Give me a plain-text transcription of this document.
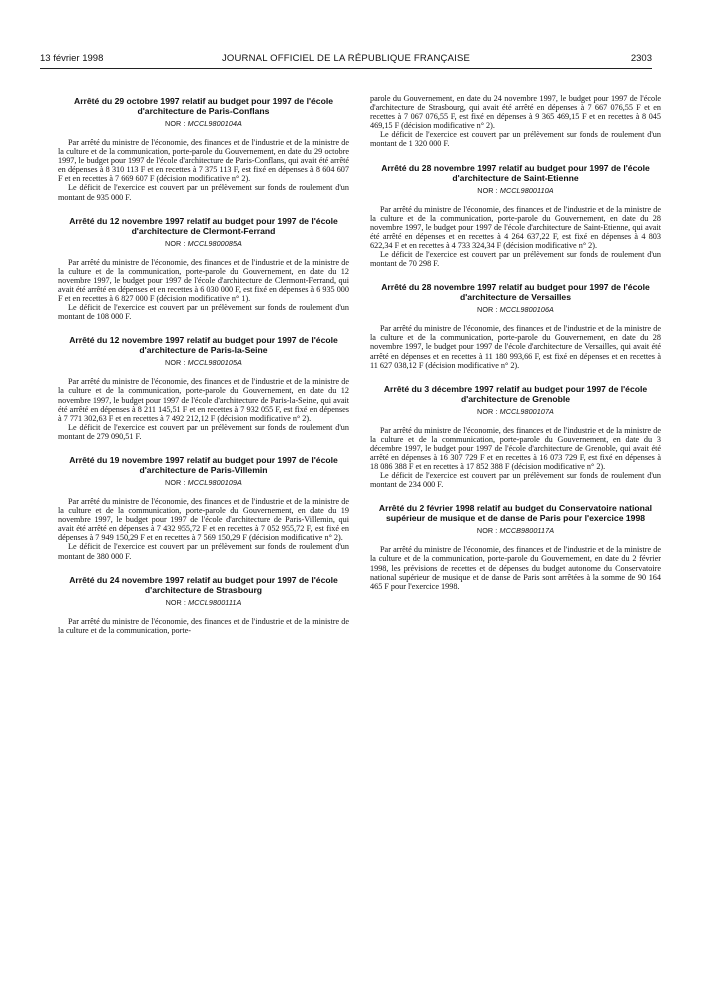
13 février 1998	JOURNAL OFFICIEL DE LA RÉPUBLIQUE FRANÇAISE	2303
Arrêté du 29 octobre 1997 relatif au budget pour 1997 de l'école d'architecture de Paris-Conflans
NOR : MCCL9800104A

Par arrêté du ministre de l'économie, des finances et de l'industrie et de la ministre de la culture et de la communication, porte-parole du Gouvernement, en date du 29 octobre 1997, le budget pour 1997 de l'école d'architecture de Paris-Conflans, qui avait été arrêté en dépenses à 8 310 113 F et en recettes à 7 375 113 F, est fixé en dépenses à 8 604 607 F et en recettes à 7 669 607 F (décision modificative n° 2).

Le déficit de l'exercice est couvert par un prélèvement sur fonds de roulement d'un montant de 935 000 F.

Arrêté du 12 novembre 1997 relatif au budget pour 1997 de l'école d'architecture de Clermont-Ferrand
NOR : MCCL9800085A

Par arrêté du ministre de l'économie, des finances et de l'industrie et de la ministre de la culture et de la communication, porte-parole du Gouvernement, en date du 12 novembre 1997, le budget pour 1997 de l'école d'architecture de Clermont-Ferrand, qui avait été arrêté en dépenses et en recettes à 6 030 000 F, est fixé en dépenses à 6 935 000 F et en recettes à 6 827 000 F (décision modificative n° 1).

Le déficit de l'exercice est couvert par un prélèvement sur fonds de roulement d'un montant de 108 000 F.

Arrêté du 12 novembre 1997 relatif au budget pour 1997 de l'école d'architecture de Paris-la-Seine
NOR : MCCL9800105A

Par arrêté du ministre de l'économie, des finances et de l'industrie et de la ministre de la culture et de la communication, porte-parole du Gouvernement, en date du 12 novembre 1997, le budget pour 1997 de l'école d'architecture de Paris-la-Seine, qui avait été arrêté en dépenses à 8 211 145,51 F et en recettes à 7 932 055 F, est fixé en dépenses à 7 771 302,63 F et en recettes à 7 492 212,12 F (décision modificative n° 2).

Le déficit de l'exercice est couvert par un prélèvement sur fonds de roulement d'un montant de 279 090,51 F.

Arrêté du 19 novembre 1997 relatif au budget pour 1997 de l'école d'architecture de Paris-Villemin
NOR : MCCL9800109A

Par arrêté du ministre de l'économie, des finances et de l'industrie et de la ministre de la culture et de la communication, porte-parole du Gouvernement, en date du 19 novembre 1997, le budget pour 1997 de l'école d'architecture de Paris-Villemin, qui avait été arrêté en dépenses à 7 432 955,72 F et en recettes à 7 052 955,72 F, est fixé en dépenses à 7 949 150,29 F et en recettes à 7 569 150,29 F (décision modificative n° 2).

Le déficit de l'exercice est couvert par un prélèvement sur fonds de roulement d'un montant de 380 000 F.

Arrêté du 24 novembre 1997 relatif au budget pour 1997 de l'école d'architecture de Strasbourg
NOR : MCCL9800111A

Par arrêté du ministre de l'économie, des finances et de l'industrie et de la ministre de la culture et de la communication, porte-

parole du Gouvernement, en date du 24 novembre 1997, le budget pour 1997 de l'école d'architecture de Strasbourg, qui avait été arrêté en dépenses à 7 667 076,55 F et en recettes à 7 067 076,55 F, est fixé en dépenses à 9 365 469,15 F et en recettes à 8 045 469,15 F (décision modificative n° 2).

Le déficit de l'exercice est couvert par un prélèvement sur fonds de roulement d'un montant de 1 320 000 F.

Arrêté du 28 novembre 1997 relatif au budget pour 1997 de l'école d'architecture de Saint-Etienne
NOR : MCCL9800110A

Par arrêté du ministre de l'économie, des finances et de l'industrie et de la ministre de la culture et de la communication, porte-parole du Gouvernement, en date du 28 novembre 1997, le budget pour 1997 de l'école d'architecture de Saint-Etienne, qui avait été arrêté en dépenses et en recettes à 4 264 637,22 F, est fixé en dépenses à 4 803 622,34 F et en recettes à 4 733 324,34 F (décision modificative n° 2).

Le déficit de l'exercice est couvert par un prélèvement sur fonds de roulement d'un montant de 70 298 F.

Arrêté du 28 novembre 1997 relatif au budget pour 1997 de l'école d'architecture de Versailles
NOR : MCCL9800106A

Par arrêté du ministre de l'économie, des finances et de l'industrie et de la ministre de la culture et de la communication, porte-parole du Gouvernement, en date du 28 novembre 1997, le budget pour 1997 de l'école d'architecture de Versailles, qui avait été arrêté en dépenses et en recettes à 11 180 993,66 F, est fixé en dépenses et en recettes à 11 627 038,12 F (décision modificative n° 2).

Arrêté du 3 décembre 1997 relatif au budget pour 1997 de l'école d'architecture de Grenoble
NOR : MCCL9800107A

Par arrêté du ministre de l'économie, des finances et de l'industrie et de la ministre de la culture et de la communication, porte-parole du Gouvernement, en date du 3 décembre 1997, le budget pour 1997 de l'école d'architecture de Grenoble, qui avait été arrêté en dépenses à 16 307 729 F et en recettes à 16 073 729 F, est fixé en dépenses à 18 086 388 F et en recettes à 17 852 388 F (décision modificative n° 2).

Le déficit de l'exercice est couvert par un prélèvement sur fonds de roulement d'un montant de 234 000 F.

Arrêté du 2 février 1998 relatif au budget du Conservatoire national supérieur de musique et de danse de Paris pour l'exercice 1998
NOR : MCCB9800117A

Par arrêté du ministre de l'économie, des finances et de l'industrie et de la ministre de la culture et de la communication, porte-parole du Gouvernement, en date du 2 février 1998, les prévisions de recettes et de dépenses du budget autonome du Conservatoire national supérieur de musique et de danse de Paris sont arrêtées à la somme de 90 164 465 F pour l'exercice 1998.
